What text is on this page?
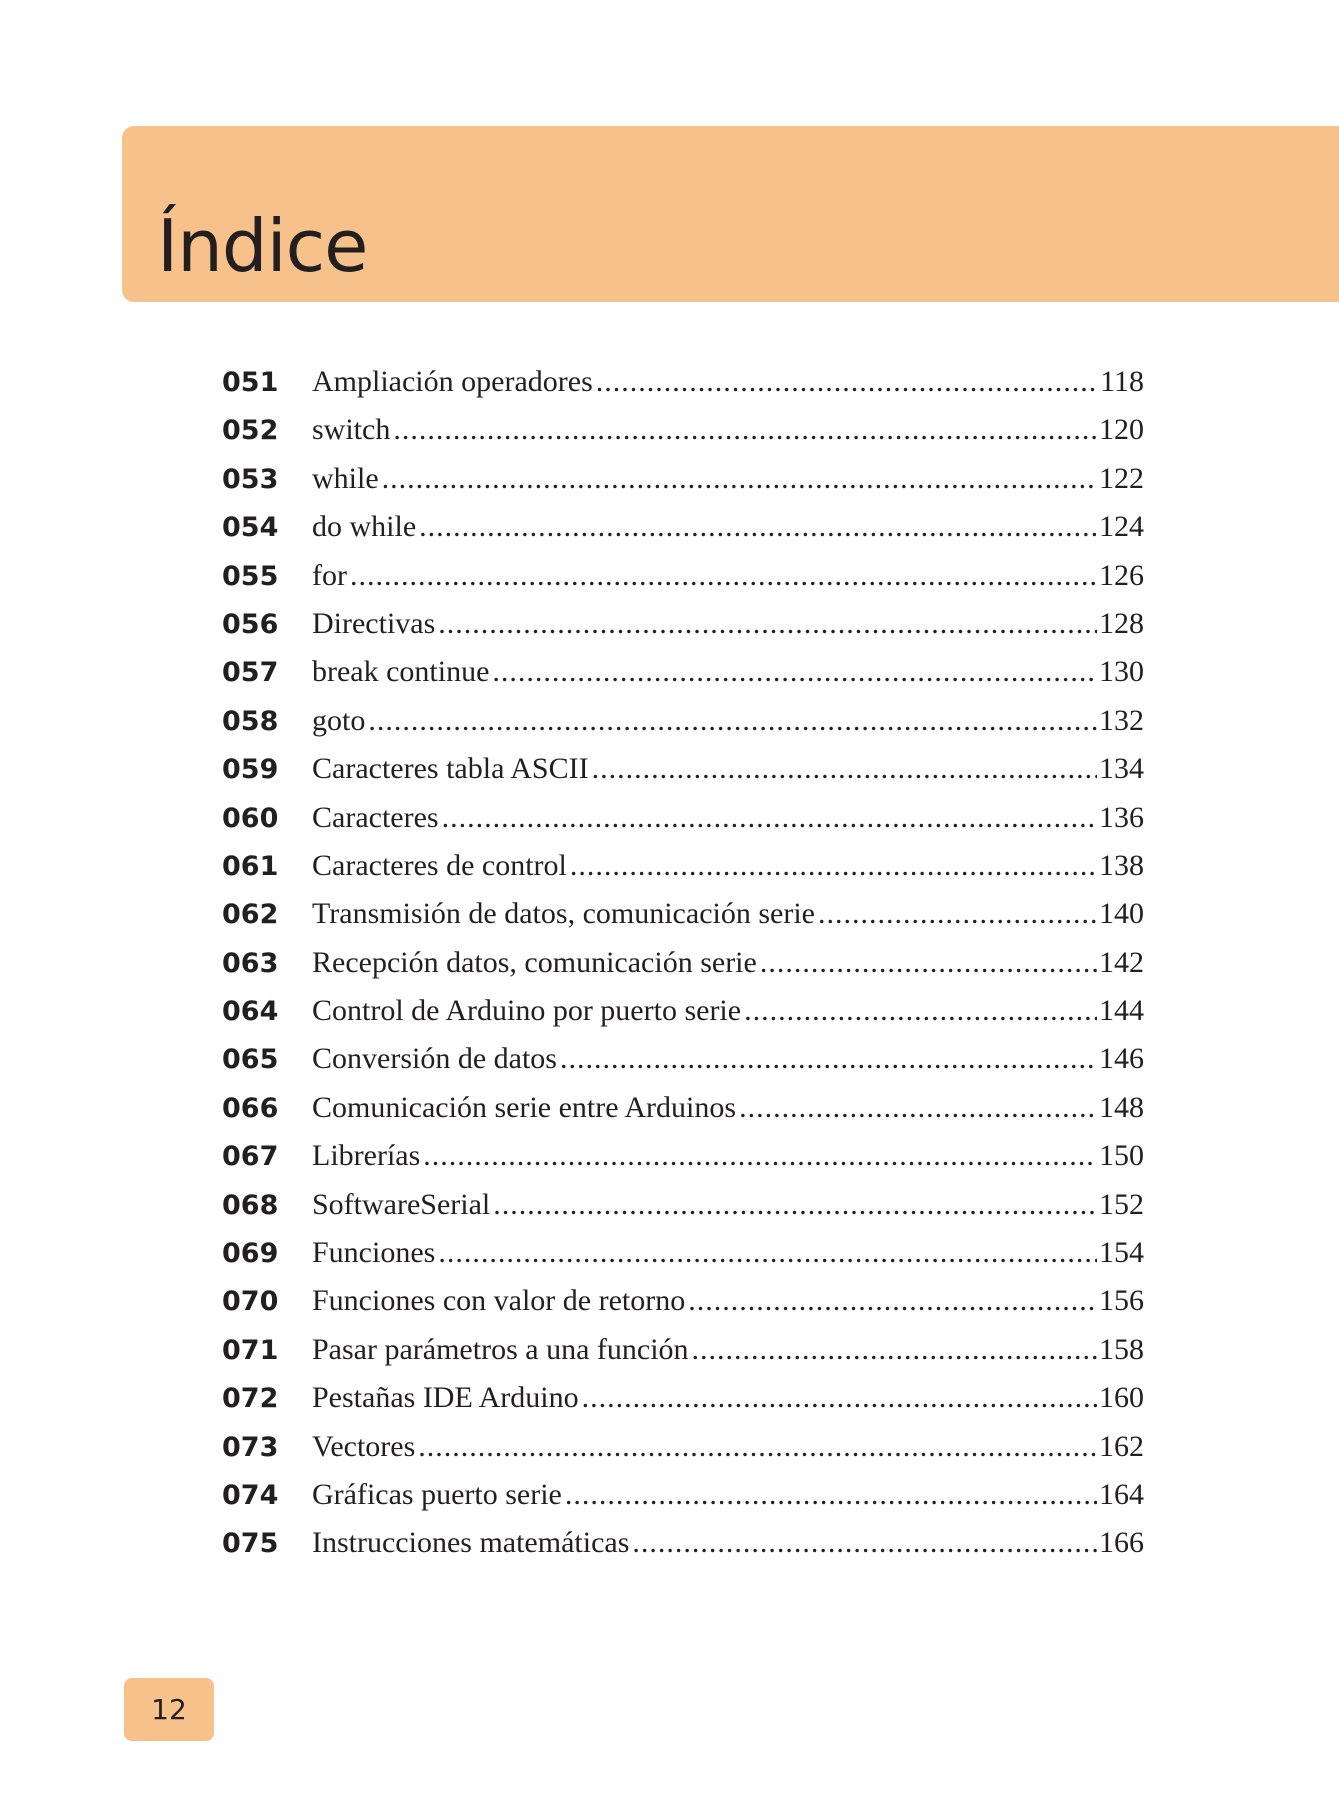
Índice
051	Ampliación operadores .....	118
052	switch .....	120
053	while .....	122
054	do while .....	124
055	for .....	126
056	Directivas .....	128
057	break continue .....	130
058	goto .....	132
059	Caracteres tabla ASCII .....	134
060	Caracteres .....	136
061	Caracteres de control .....	138
062	Transmisión de datos, comunicación serie .....	140
063	Recepción datos, comunicación serie .....	142
064	Control de Arduino por puerto serie .....	144
065	Conversión de datos .....	146
066	Comunicación serie entre Arduinos .....	148
067	Librerías .....	150
068	SoftwareSerial .....	152
069	Funciones .....	154
070	Funciones con valor de retorno .....	156
071	Pasar parámetros a una función .....	158
072	Pestañas IDE Arduino .....	160
073	Vectores .....	162
074	Gráficas puerto serie .....	164
075	Instrucciones matemáticas .....	166
12
